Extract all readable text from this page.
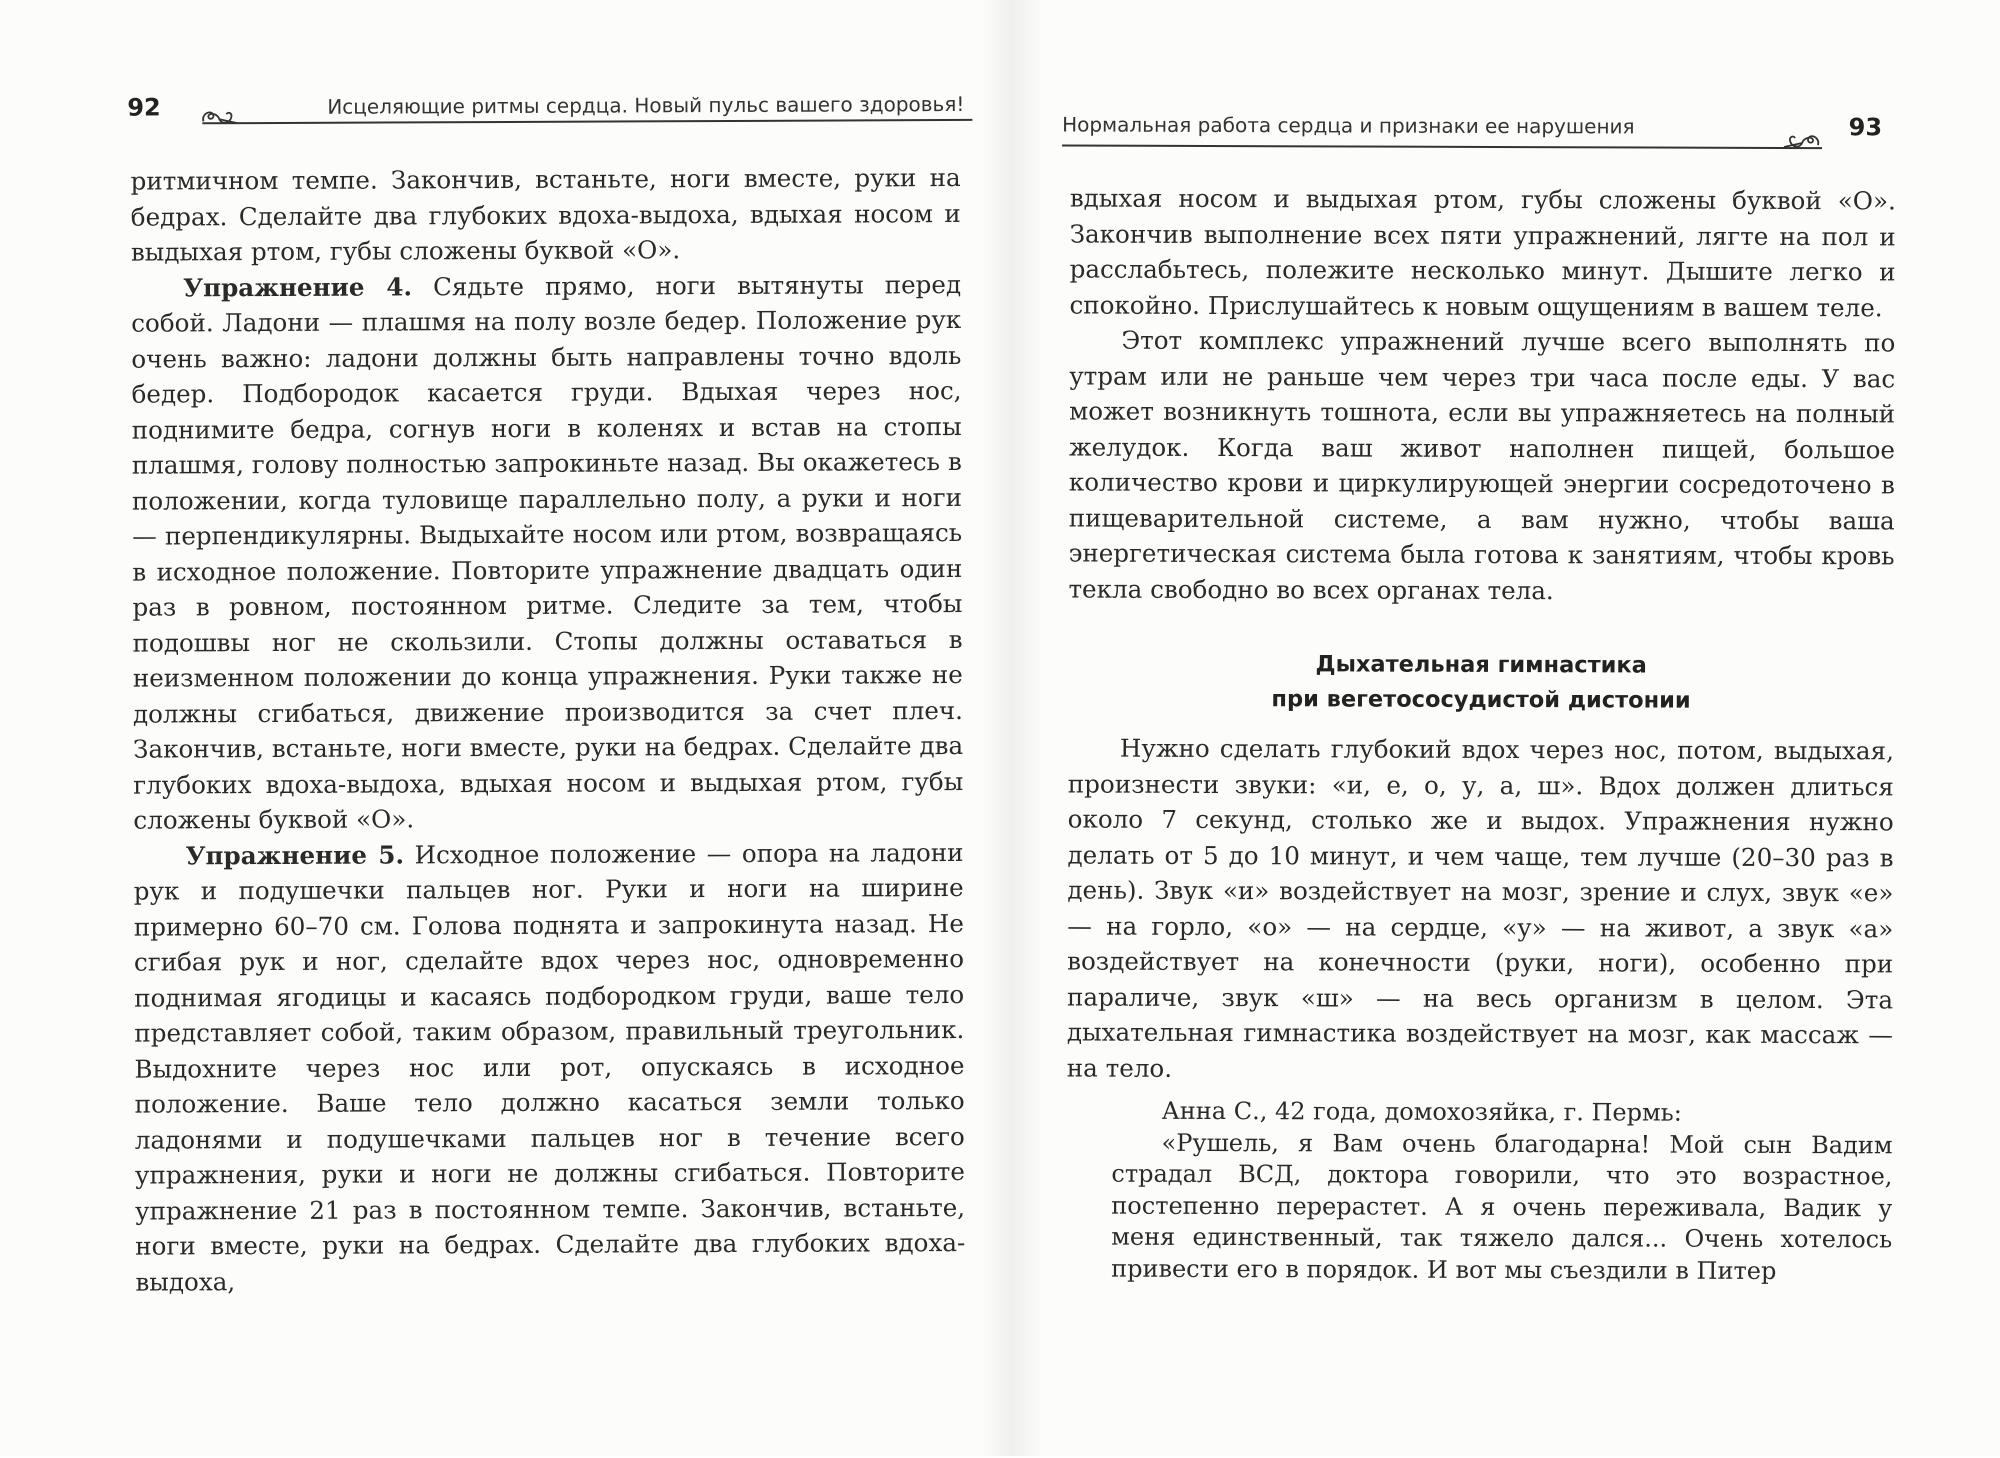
92	Исцеляющие ритмы сердца. Новый пульс вашего здоровья!

ритмичном темпе. Закончив, встаньте, ноги вместе, руки на бедрах. Сделайте два глубоких вдоха-выдоха, вдыхая носом и выдыхая ртом, губы сложены буквой «О».

Упражнение 4. Сядьте прямо, ноги вытянуты перед собой. Ладони — плашмя на полу возле бедер. Положение рук очень важно: ладони должны быть направлены точно вдоль бедер. Подбородок касается груди. Вдыхая через нос, поднимите бедра, согнув ноги в коленях и встав на стопы плашмя, голову полностью запрокиньте назад. Вы окажетесь в положении, когда туловище параллельно полу, а руки и ноги — перпендикулярны. Выдыхайте носом или ртом, возвращаясь в исходное положение. Повторите упражнение двадцать один раз в ровном, постоянном ритме. Следите за тем, чтобы подошвы ног не скользили. Стопы должны оставаться в неизменном положении до конца упражнения. Руки также не должны сгибаться, движение производится за счет плеч. Закончив, встаньте, ноги вместе, руки на бедрах. Сделайте два глубоких вдоха-выдоха, вдыхая носом и выдыхая ртом, губы сложены буквой «О».

Упражнение 5. Исходное положение — опора на ладони рук и подушечки пальцев ног. Руки и ноги на ширине примерно 60–70 см. Голова поднята и запрокинута назад. Не сгибая рук и ног, сделайте вдох через нос, одновременно поднимая ягодицы и касаясь подбородком груди, ваше тело представляет собой, таким образом, правильный треугольник. Выдохните через нос или рот, опускаясь в исходное положение. Ваше тело должно касаться земли только ладонями и подушечками пальцев ног в течение всего упражнения, руки и ноги не должны сгибаться. Повторите упражнение 21 раз в постоянном темпе. Закончив, встаньте, ноги вместе, руки на бедрах. Сделайте два глубоких вдоха-выдоха,

Нормальная работа сердца и признаки ее нарушения	93

вдыхая носом и выдыхая ртом, губы сложены буквой «О». Закончив выполнение всех пяти упражнений, лягте на пол и расслабьтесь, полежите несколько минут. Дышите легко и спокойно. Прислушайтесь к новым ощущениям в вашем теле.

Этот комплекс упражнений лучше всего выполнять по утрам или не раньше чем через три часа после еды. У вас может возникнуть тошнота, если вы упражняетесь на полный желудок. Когда ваш живот наполнен пищей, большое количество крови и циркулирующей энергии сосредоточено в пищеварительной системе, а вам нужно, чтобы ваша энергетическая система была готова к занятиям, чтобы кровь текла свободно во всех органах тела.

Дыхательная гимнастика
при вегетососудистой дистонии

Нужно сделать глубокий вдох через нос, потом, выдыхая, произнести звуки: «и, е, о, у, а, ш». Вдох должен длиться около 7 секунд, столько же и выдох. Упражнения нужно делать от 5 до 10 минут, и чем чаще, тем лучше (20–30 раз в день). Звук «и» воздействует на мозг, зрение и слух, звук «е» — на горло, «о» — на сердце, «у» — на живот, а звук «а» воздействует на конечности (руки, ноги), особенно при параличе, звук «ш» — на весь организм в целом. Эта дыхательная гимнастика воздействует на мозг, как массаж — на тело.

Анна С., 42 года, домохозяйка, г. Пермь:

«Рушель, я Вам очень благодарна! Мой сын Вадим страдал ВСД, доктора говорили, что это возрастное, постепенно перерастет. А я очень переживала, Вадик у меня единственный, так тяжело дался... Очень хотелось привести его в порядок. И вот мы съездили в Питер
